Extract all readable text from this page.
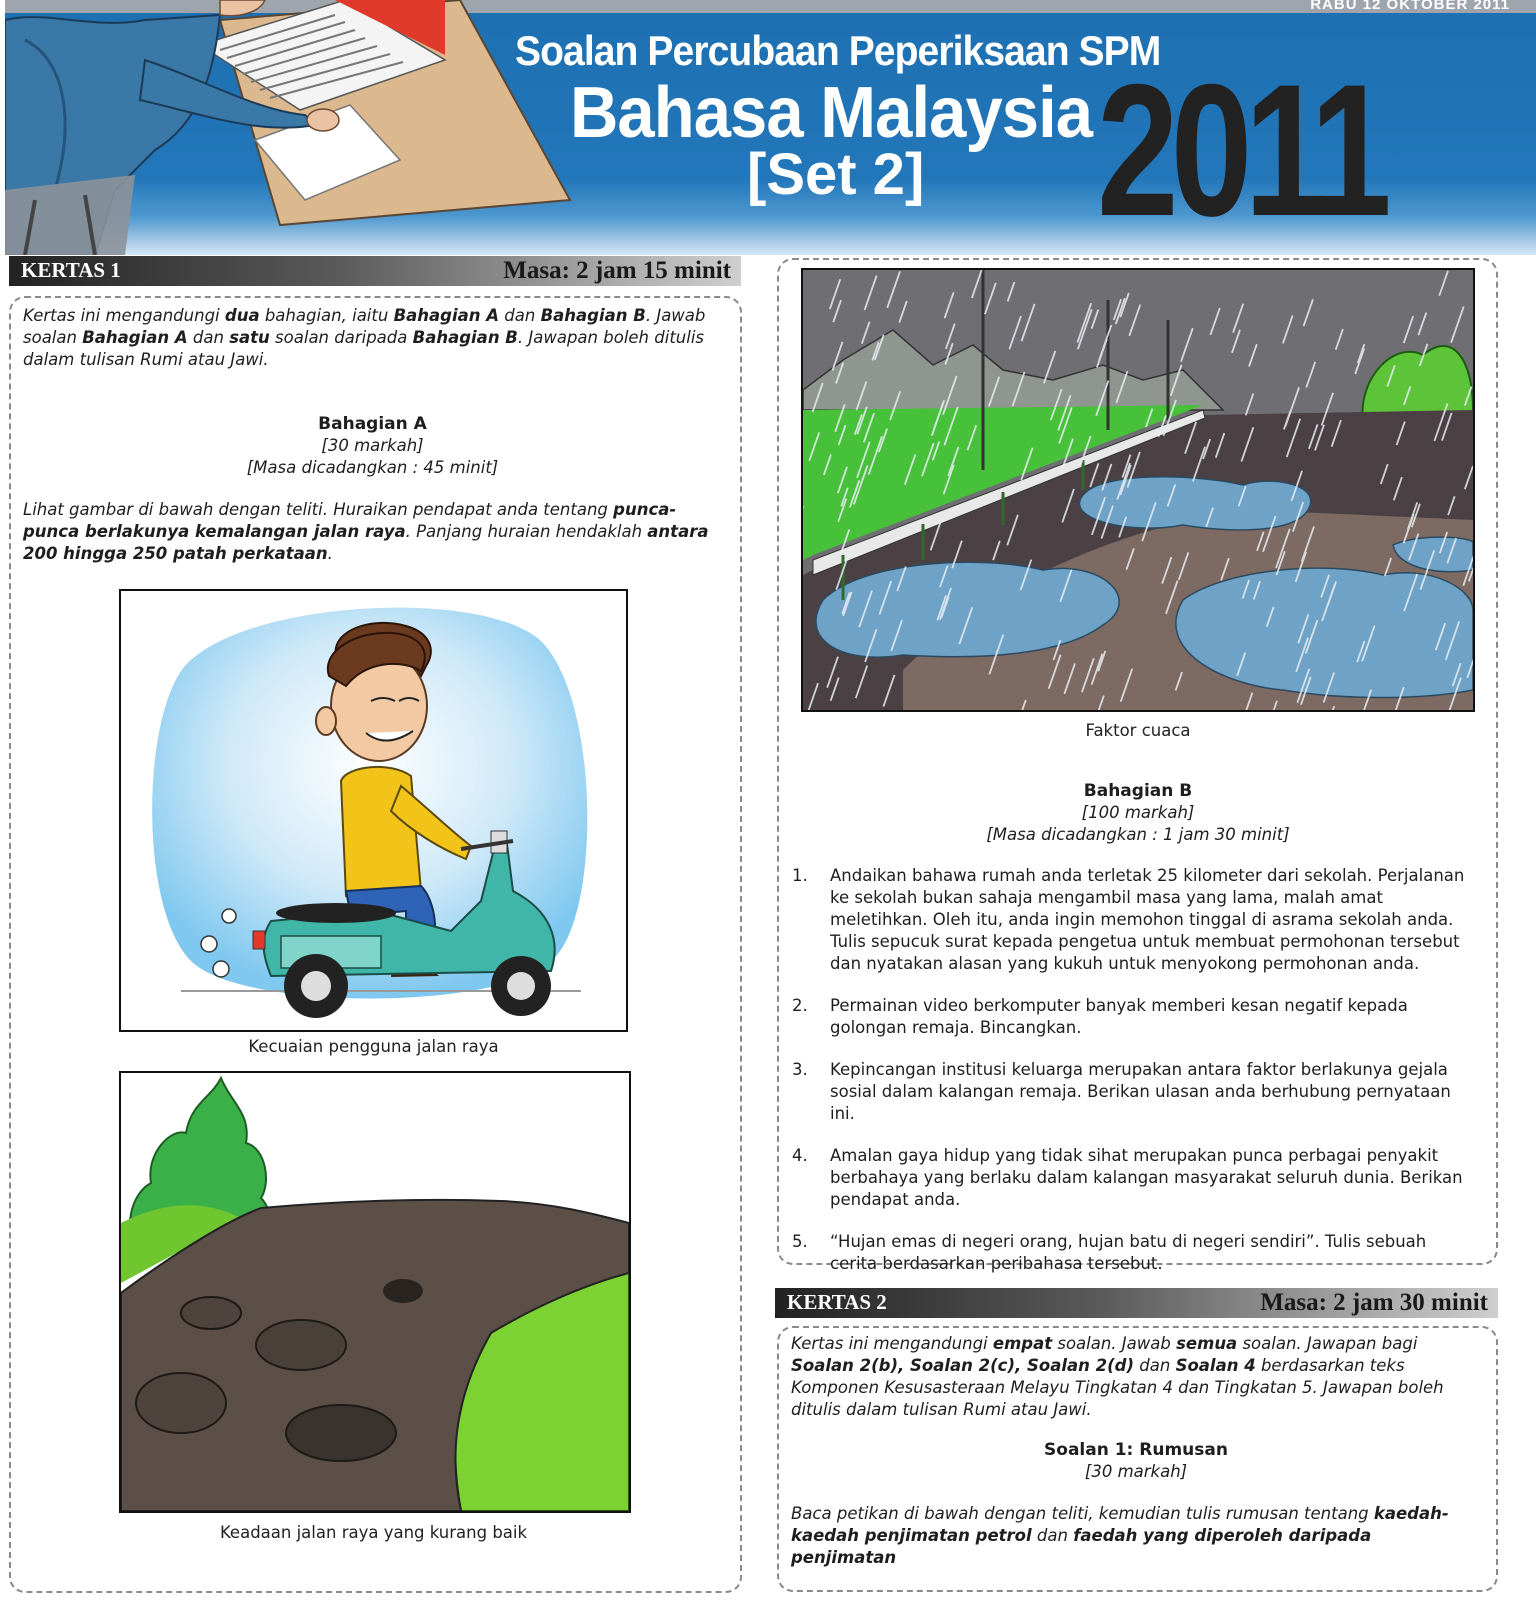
RABU 12 OKTOBER 2011
Soalan Percubaan Peperiksaan SPM
Bahasa Malaysia
[Set 2] 2011
KERTAS 1	Masa: 2 jam 15 minit
Kertas ini mengandungi dua bahagian, iaitu Bahagian A dan Bahagian B. Jawab soalan Bahagian A dan satu soalan daripada Bahagian B. Jawapan boleh ditulis dalam tulisan Rumi atau Jawi.
Bahagian A
[30 markah]
[Masa dicadangkan : 45 minit]
Lihat gambar di bawah dengan teliti. Huraikan pendapat anda tentang punca-punca berlakunya kemalangan jalan raya. Panjang huraian hendaklah antara 200 hingga 250 patah perkataan.
Kecuaian pengguna jalan raya
Keadaan jalan raya yang kurang baik
Faktor cuaca
Bahagian B
[100 markah]
[Masa dicadangkan : 1 jam 30 minit]
1. Andaikan bahawa rumah anda terletak 25 kilometer dari sekolah. Perjalanan ke sekolah bukan sahaja mengambil masa yang lama, malah amat meletihkan. Oleh itu, anda ingin memohon tinggal di asrama sekolah anda. Tulis sepucuk surat kepada pengetua untuk membuat permohonan tersebut dan nyatakan alasan yang kukuh untuk menyokong permohonan anda.
2. Permainan video berkomputer banyak memberi kesan negatif kepada golongan remaja. Bincangkan.
3. Kepincangan institusi keluarga merupakan antara faktor berlakunya gejala sosial dalam kalangan remaja. Berikan ulasan anda berhubung pernyataan ini.
4. Amalan gaya hidup yang tidak sihat merupakan punca perbagai penyakit berbahaya yang berlaku dalam kalangan masyarakat seluruh dunia. Berikan pendapat anda.
5. “Hujan emas di negeri orang, hujan batu di negeri sendiri”. Tulis sebuah cerita berdasarkan peribahasa tersebut.
KERTAS 2	Masa: 2 jam 30 minit
Kertas ini mengandungi empat soalan. Jawab semua soalan. Jawapan bagi Soalan 2(b), Soalan 2(c), Soalan 2(d) dan Soalan 4 berdasarkan teks Komponen Kesusasteraan Melayu Tingkatan 4 dan Tingkatan 5. Jawapan boleh ditulis dalam tulisan Rumi atau Jawi.
Soalan 1: Rumusan
[30 markah]
Baca petikan di bawah dengan teliti, kemudian tulis rumusan tentang kaedah-kaedah penjimatan petrol dan faedah yang diperoleh daripada penjimatan
